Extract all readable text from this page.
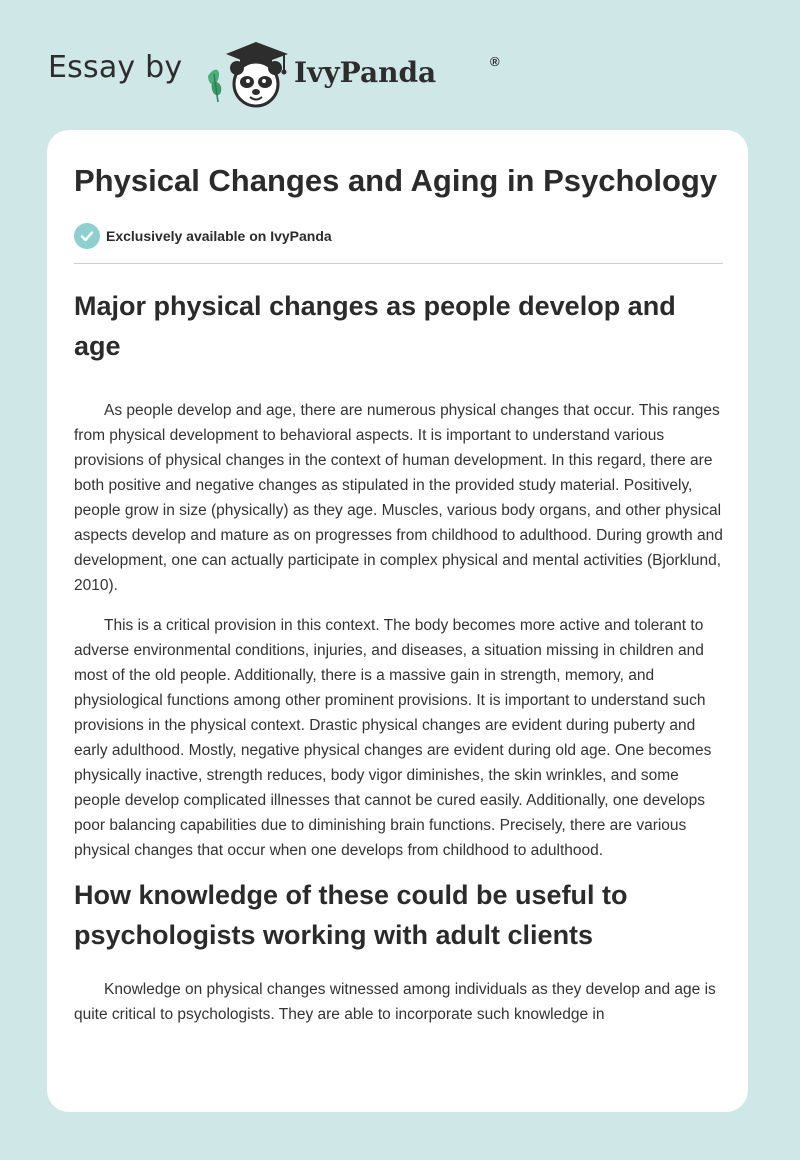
Essay by	IvyPanda	®
Physical Changes and Aging in Psychology
Exclusively available on IvyPanda
Major physical changes as people develop and age

As people develop and age, there are numerous physical changes that occur. This ranges from physical development to behavioral aspects. It is important to understand various provisions of physical changes in the context of human development. In this regard, there are both positive and negative changes as stipulated in the provided study material. Positively, people grow in size (physically) as they age. Muscles, various body organs, and other physical aspects develop and mature as on progresses from childhood to adulthood. During growth and development, one can actually participate in complex physical and mental activities (Bjorklund, 2010).

This is a critical provision in this context. The body becomes more active and tolerant to adverse environmental conditions, injuries, and diseases, a situation missing in children and most of the old people. Additionally, there is a massive gain in strength, memory, and physiological functions among other prominent provisions. It is important to understand such provisions in the physical context. Drastic physical changes are evident during puberty and early adulthood. Mostly, negative physical changes are evident during old age. One becomes physically inactive, strength reduces, body vigor diminishes, the skin wrinkles, and some people develop complicated illnesses that cannot be cured easily. Additionally, one develops poor balancing capabilities due to diminishing brain functions. Precisely, there are various physical changes that occur when one develops from childhood to adulthood.

How knowledge of these could be useful to psychologists working with adult clients

Knowledge on physical changes witnessed among individuals as they develop and age is quite critical to psychologists. They are able to incorporate such knowledge in
